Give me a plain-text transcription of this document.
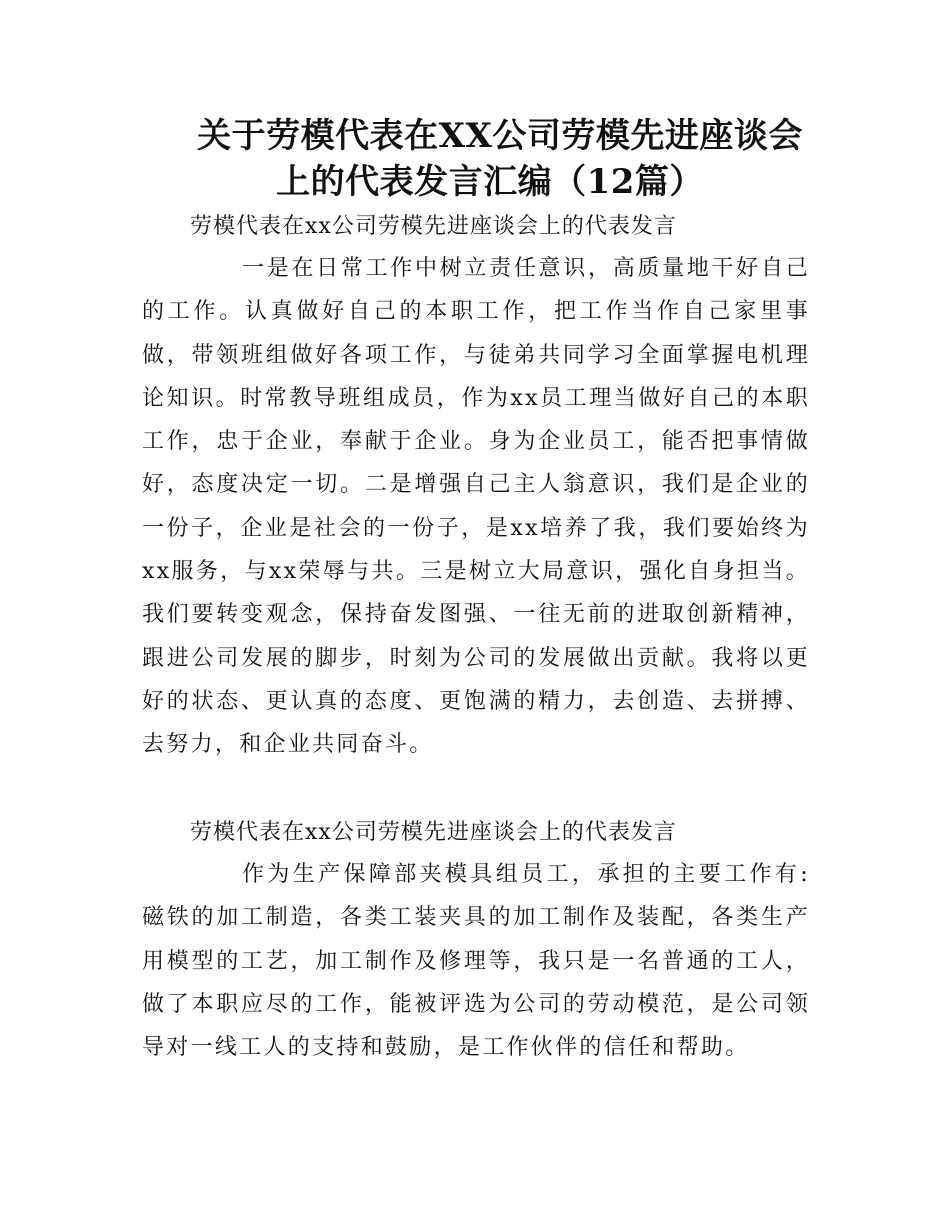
关于劳模代表在XX公司劳模先进座谈会
上的代表发言汇编（12篇）

劳模代表在xx公司劳模先进座谈会上的代表发言

一是在日常工作中树立责任意识，高质量地干好自己的工作。认真做好自己的本职工作，把工作当作自己家里事做，带领班组做好各项工作，与徒弟共同学习全面掌握电机理论知识。时常教导班组成员，作为xx员工理当做好自己的本职工作，忠于企业，奉献于企业。身为企业员工，能否把事情做好，态度决定一切。二是增强自己主人翁意识，我们是企业的一份子，企业是社会的一份子，是xx培养了我，我们要始终为xx服务，与xx荣辱与共。三是树立大局意识，强化自身担当。我们要转变观念，保持奋发图强、一往无前的进取创新精神，跟进公司发展的脚步，时刻为公司的发展做出贡献。我将以更好的状态、更认真的态度、更饱满的精力，去创造、去拼搏、去努力，和企业共同奋斗。

劳模代表在xx公司劳模先进座谈会上的代表发言

作为生产保障部夹模具组员工，承担的主要工作有:磁铁的加工制造，各类工装夹具的加工制作及装配，各类生产用模型的工艺，加工制作及修理等，我只是一名普通的工人，做了本职应尽的工作，能被评选为公司的劳动模范，是公司领导对一线工人的支持和鼓励，是工作伙伴的信任和帮助。
